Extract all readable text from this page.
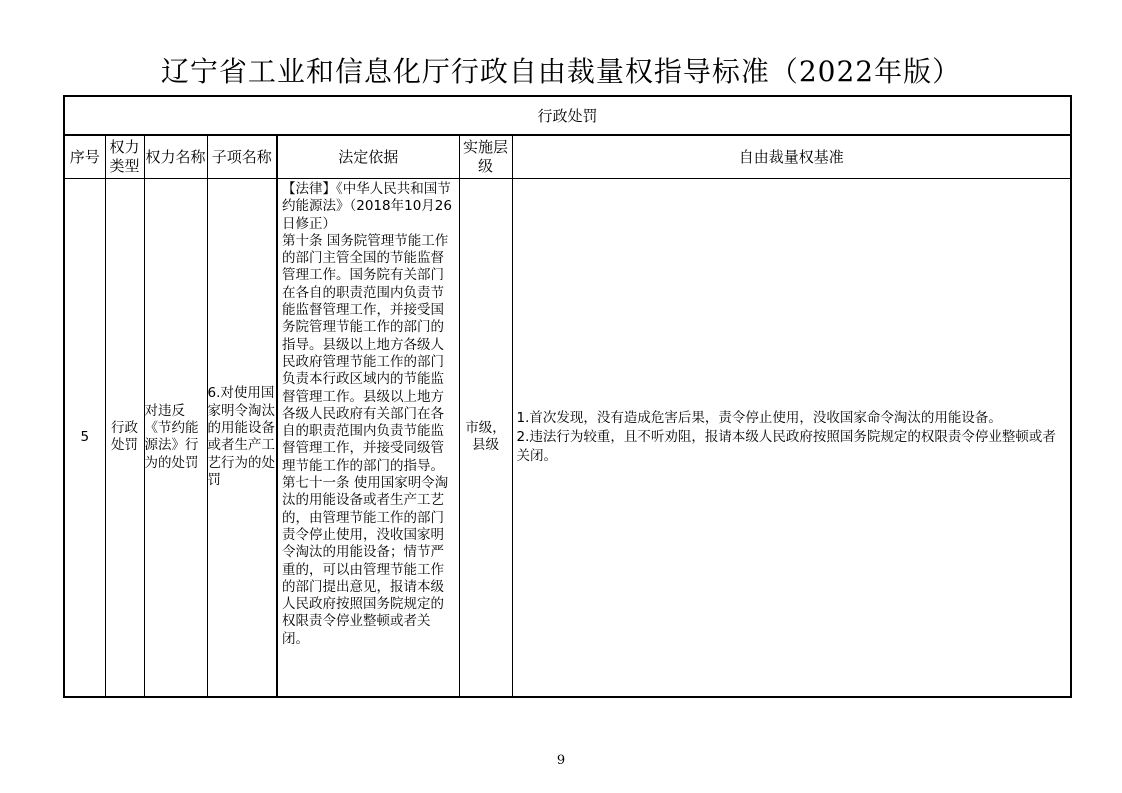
辽宁省工业和信息化厅行政自由裁量权指导标准（2022年版）
行政处罚						
序号	权力类型	权力名称	子项名称	法定依据	实施层级	自由裁量权基准
5	行政处罚	对违反《节约能源法》行为的处罚	6.对使用国家明令淘汰的用能设备或者生产工艺行为的处罚	【法律】《中华人民共和国节约能源法》（2018年10月26日修正）
第十条 国务院管理节能工作的部门主管全国的节能监督管理工作。国务院有关部门在各自的职责范围内负责节能监督管理工作，并接受国务院管理节能工作的部门的指导。县级以上地方各级人民政府管理节能工作的部门负责本行政区域内的节能监督管理工作。县级以上地方各级人民政府有关部门在各自的职责范围内负责节能监督管理工作，并接受同级管理节能工作的部门的指导。
第七十一条 使用国家明令淘汰的用能设备或者生产工艺的，由管理节能工作的部门责令停止使用，没收国家明令淘汰的用能设备；情节严重的，可以由管理节能工作的部门提出意见，报请本级人民政府按照国务院规定的权限责令停业整顿或者关闭。	市级，县级	1.首次发现，没有造成危害后果，责令停止使用，没收国家命令淘汰的用能设备。
2.违法行为较重，且不听劝阻，报请本级人民政府按照国务院规定的权限责令停业整顿或者关闭。
9
